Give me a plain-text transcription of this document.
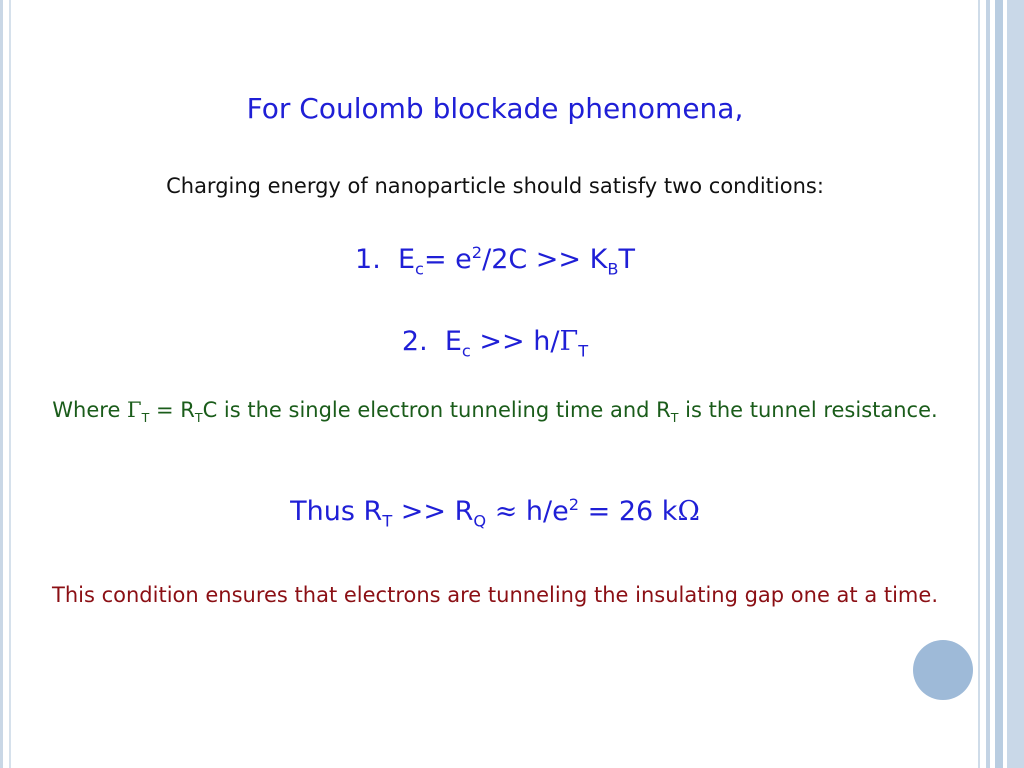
For Coulomb blockade phenomena,
Charging energy of nanoparticle should satisfy two conditions:
1.  $E_c= e^2/2C >> K_BT$
2.  $E_c >> h/\Gamma_T$
Where $\Gamma_T = R_TC$ is the single electron tunneling time and $R_T$ is the tunnel resistance.
Thus $R_T >> R_Q \approx h/e^2 = 26$ kΩ
This condition ensures that electrons are tunneling the insulating gap one at a time.
